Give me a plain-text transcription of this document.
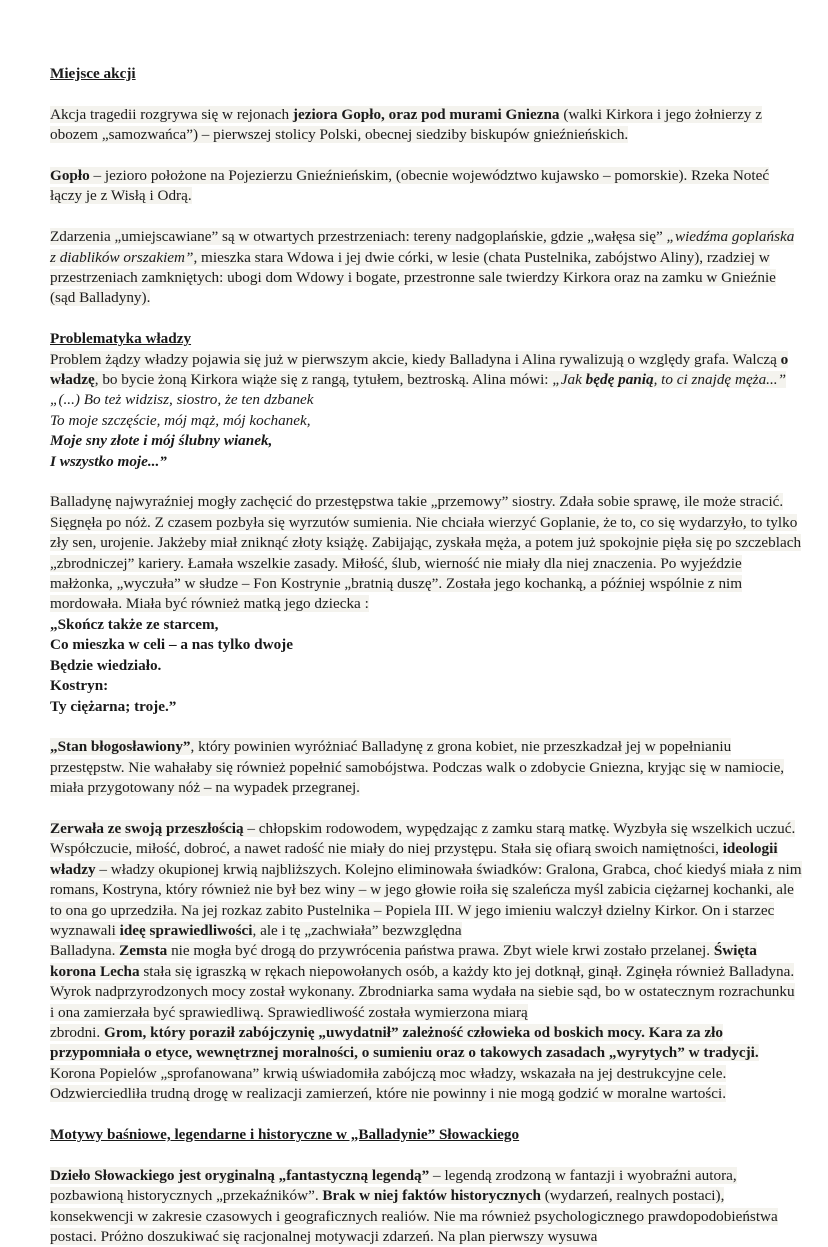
Miejsce akcji

Akcja tragedii rozgrywa się w rejonach jeziora Gopło, oraz pod murami Gniezna (walki Kirkora i jego żołnierzy z obozem „samozwańca”) – pierwszej stolicy Polski, obecnej siedziby biskupów gnieźnieńskich.

Gopło – jezioro położone na Pojezierzu Gnieźnieńskim, (obecnie województwo kujawsko – pomorskie). Rzeka Noteć łączy je z Wisłą i Odrą.

Zdarzenia „umiejscawiane” są w otwartych przestrzeniach: tereny nadgoplańskie, gdzie „wałęsa się” „wiedźma goplańska z diablików orszakiem”, mieszka stara Wdowa i jej dwie córki, w lesie (chata Pustelnika, zabójstwo Aliny), rzadziej w przestrzeniach zamkniętych: ubogi dom Wdowy i bogate, przestronne sale twierdzy Kirkora oraz na zamku w Gnieźnie (sąd Balladyny).

Problematyka władzy

Problem żądzy władzy pojawia się już w pierwszym akcie, kiedy Balladyna i Alina rywalizują o względy grafa. Walczą o władzę, bo bycie żoną Kirkora wiąże się z rangą, tytułem, beztroską. Alina mówi: „Jak będę panią, to ci znajdę męża...”

„(...) Bo też widzisz, siostro, że ten dzbanek
To moje szczęście, mój mąż, mój kochanek,
Moje sny złote i mój ślubny wianek,
I wszystko moje...”

Balladynę najwyraźniej mogły zachęcić do przestępstwa takie „przemowy” siostry. Zdała sobie sprawę, ile może stracić. Sięgnęła po nóż. Z czasem pozbyła się wyrzutów sumienia. Nie chciała wierzyć Goplanie, że to, co się wydarzyło, to tylko zły sen, urojenie. Jakżeby miał zniknąć złoty książę. Zabijając, zyskała męża, a potem już spokojnie pięła się po szczeblach „zbrodniczej” kariery. Łamała wszelkie zasady. Miłość, ślub, wierność nie miały dla niej znaczenia. Po wyjeździe małżonka, „wyczuła” w słudze – Fon Kostrynie „bratnią duszę”. Została jego kochanką, a później wspólnie z nim mordowała. Miała być również matką jego dziecka :

„Skończ także ze starcem,
Co mieszka w celi – a nas tylko dwoje
Będzie wiedziało.
Kostryn:
Ty ciężarna; troje.”

„Stan błogosławiony”, który powinien wyróżniać Balladynę z grona kobiet, nie przeszkadzał jej w popełnianiu przestępstw. Nie wahałaby się również popełnić samobójstwa. Podczas walk o zdobycie Gniezna, kryjąc się w namiocie, miała przygotowany nóż – na wypadek przegranej.

Zerwała ze swoją przeszłością – chłopskim rodowodem, wypędzając z zamku starą matkę. Wyzbyła się wszelkich uczuć. Współczucie, miłość, dobroć, a nawet radość nie miały do niej przystępu. Stała się ofiarą swoich namiętności, ideologii władzy – władzy okupionej krwią najbliższych. Kolejno eliminowała świadków: Gralona, Grabca, choć kiedyś miała z nim romans, Kostryna, który również nie był bez winy – w jego głowie roiła się szaleńcza myśl zabicia ciężarnej kochanki, ale to ona go uprzedziła. Na jej rozkaz zabito Pustelnika – Popiela III. W jego imieniu walczył dzielny Kirkor. On i starzec wyznawali ideę sprawiedliwości, ale i tę „zachwiała” bezwzględna
Balladyna. Zemsta nie mogła być drogą do przywrócenia państwa prawa. Zbyt wiele krwi zostało przelanej. Święta korona Lecha stała się igraszką w rękach niepowołanych osób, a każdy kto jej dotknął, ginął. Zginęła również Balladyna. Wyrok nadprzyrodzonych mocy został wykonany. Zbrodniarka sama wydała na siebie sąd, bo w ostatecznym rozrachunku i ona zamierzała być sprawiedliwą. Sprawiedliwość została wymierzona miarą
zbrodni. Grom, który poraził zabójczynię „uwydatnił” zależność człowieka od boskich mocy. Kara za zło przypomniała o etyce, wewnętrznej moralności, o sumieniu oraz o takowych zasadach „wyrytych” w tradycji. Korona Popielów „sprofanowana” krwią uświadomiła zabójczą moc władzy, wskazała na jej destrukcyjne cele. Odzwierciedliła trudną drogę w realizacji zamierzeń, które nie powinny i nie mogą godzić w moralne wartości.

Motywy baśniowe, legendarne i historyczne w „Balladynie” Słowackiego

Dzieło Słowackiego jest oryginalną „fantastyczną legendą” – legendą zrodzoną w fantazji i wyobraźni autora, pozbawioną historycznych „przekaźników”. Brak w niej faktów historycznych (wydarzeń, realnych postaci), konsekwencji w zakresie czasowych i geograficznych realiów. Nie ma również psychologicznego prawdopodobieństwa postaci. Próżno doszukiwać się racjonalnej motywacji zdarzeń. Na plan pierwszy wysuwa
